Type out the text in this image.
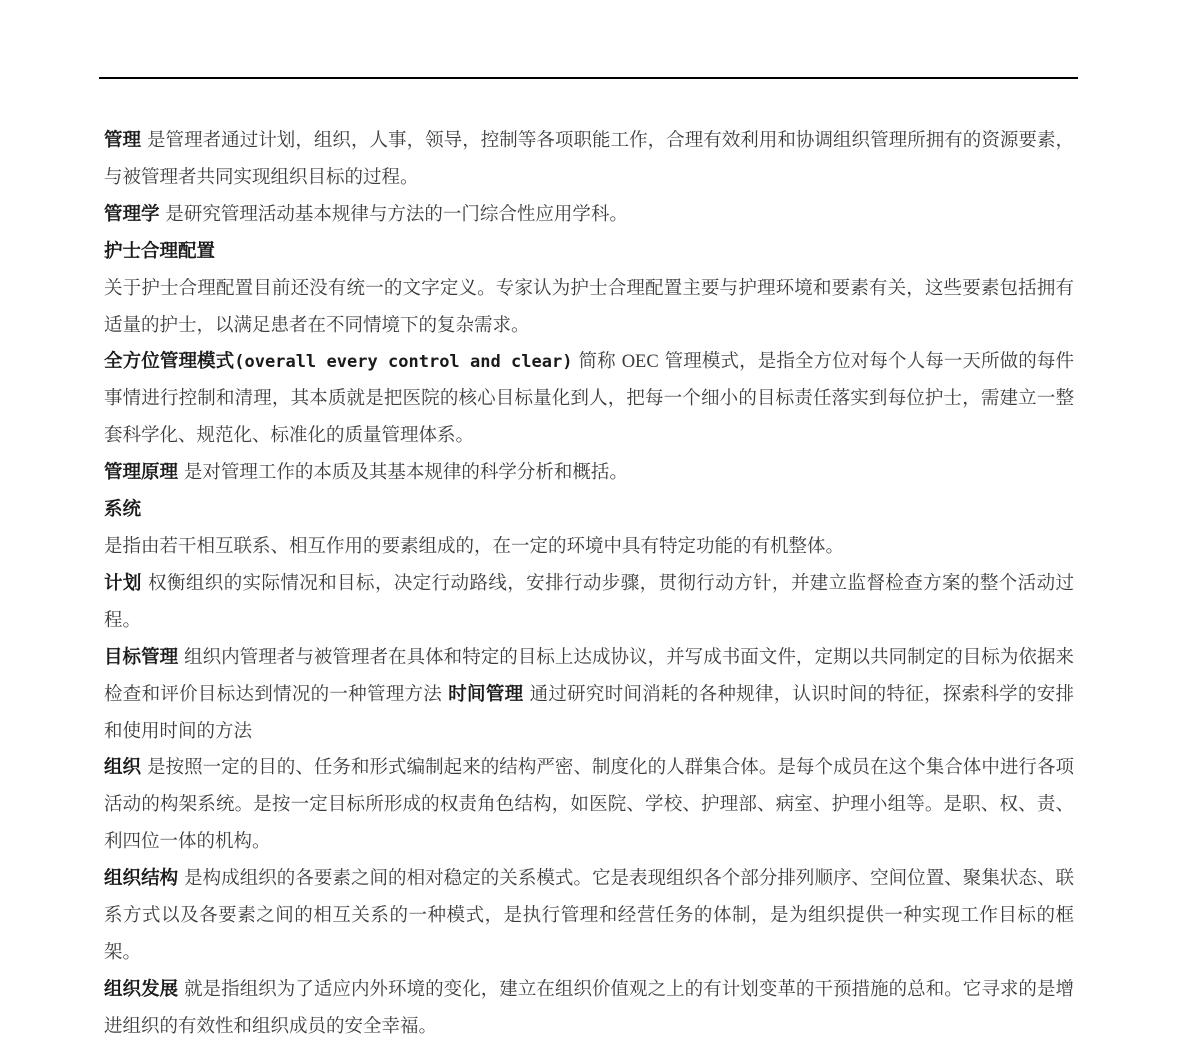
管理 是管理者通过计划，组织，人事，领导，控制等各项职能工作，合理有效利用和协调组织管理所拥有的资源要素，与被管理者共同实现组织目标的过程。

管理学 是研究管理活动基本规律与方法的一门综合性应用学科。

护士合理配置

关于护士合理配置目前还没有统一的文字定义。专家认为护士合理配置主要与护理环境和要素有关，这些要素包括拥有适量的护士，以满足患者在不同情境下的复杂需求。

全方位管理模式(overall every control and clear) 简称 OEC 管理模式，是指全方位对每个人每一天所做的每件事情进行控制和清理，其本质就是把医院的核心目标量化到人，把每一个细小的目标责任落实到每位护士，需建立一整套科学化、规范化、标准化的质量管理体系。

管理原理 是对管理工作的本质及其基本规律的科学分析和概括。

系统

是指由若干相互联系、相互作用的要素组成的，在一定的环境中具有特定功能的有机整体。

计划 权衡组织的实际情况和目标，决定行动路线，安排行动步骤，贯彻行动方针，并建立监督检查方案的整个活动过程。

目标管理 组织内管理者与被管理者在具体和特定的目标上达成协议，并写成书面文件，定期以共同制定的目标为依据来检查和评价目标达到情况的一种管理方法 时间管理 通过研究时间消耗的各种规律，认识时间的特征，探索科学的安排和使用时间的方法

组织 是按照一定的目的、任务和形式编制起来的结构严密、制度化的人群集合体。是每个成员在这个集合体中进行各项活动的构架系统。是按一定目标所形成的权责角色结构，如医院、学校、护理部、病室、护理小组等。是职、权、责、利四位一体的机构。

组织结构 是构成组织的各要素之间的相对稳定的关系模式。它是表现组织各个部分排列顺序、空间位置、聚集状态、联系方式以及各要素之间的相互关系的一种模式，是执行管理和经营任务的体制，是为组织提供一种实现工作目标的框架。

组织发展 就是指组织为了适应内外环境的变化，建立在组织价值观之上的有计划变革的干预措施的总和。它寻求的是增进组织的有效性和组织成员的安全幸福。
